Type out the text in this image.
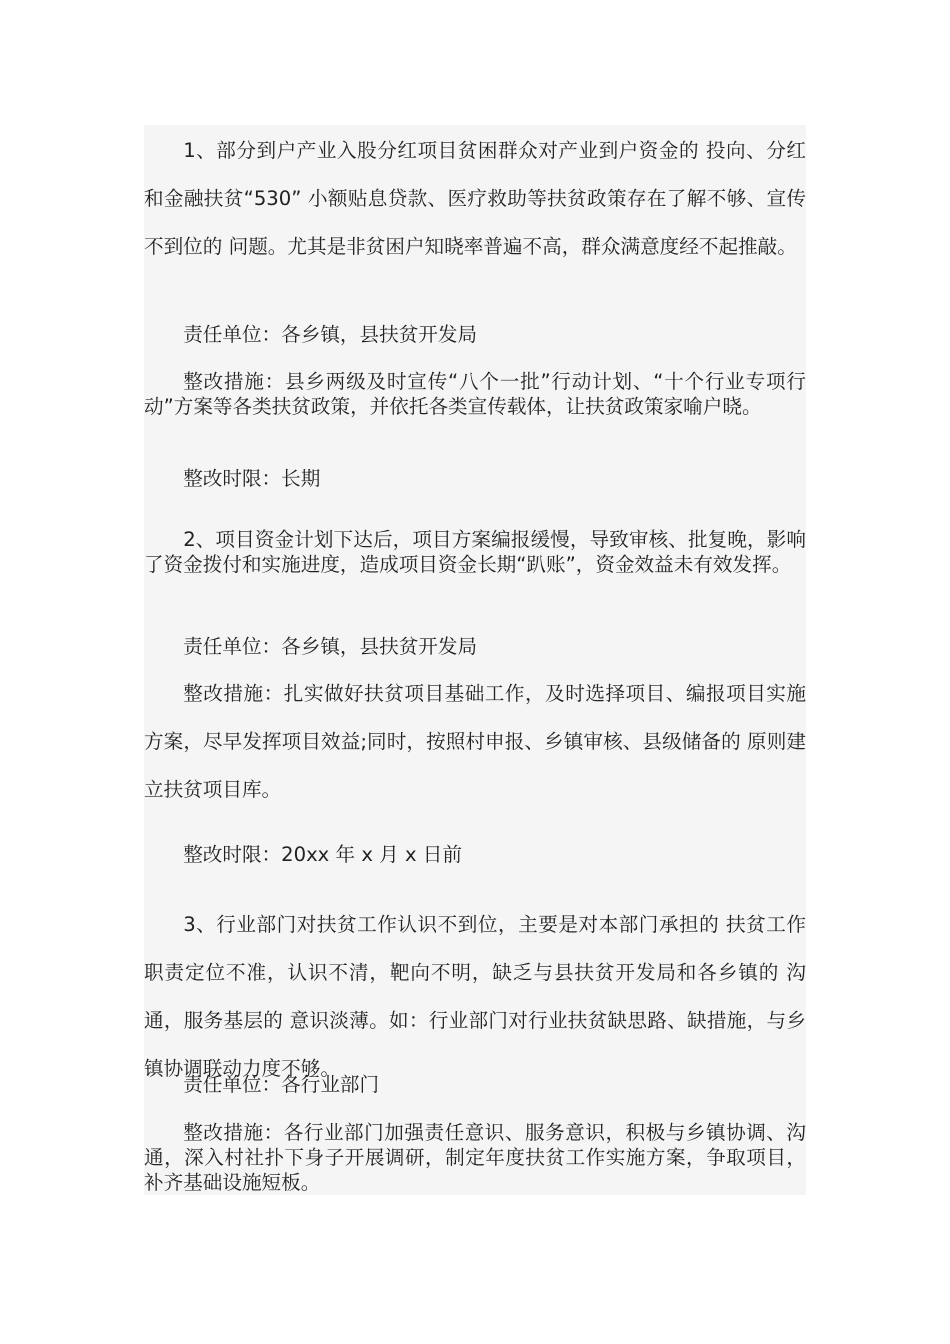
1、部分到户产业入股分红项目贫困群众对产业到户资金的 投向、分红和金融扶贫“530” 小额贴息贷款、医疗救助等扶贫政策存在了解不够、宣传不到位的 问题。尤其是非贫困户知晓率普遍不高，群众满意度经不起推敲。

责任单位：各乡镇，县扶贫开发局

整改措施：县乡两级及时宣传“八个一批”行动计划、“十个行业专项行动”方案等各类扶贫政策，并依托各类宣传载体，让扶贫政策家喻户晓。

整改时限：长期

2、项目资金计划下达后，项目方案编报缓慢，导致审核、批复晚，影响了资金拨付和实施进度，造成项目资金长期“趴账”，资金效益未有效发挥。

责任单位：各乡镇，县扶贫开发局

整改措施：扎实做好扶贫项目基础工作，及时选择项目、编报项目实施方案，尽早发挥项目效益;同时，按照村申报、乡镇审核、县级储备的 原则建立扶贫项目库。

整改时限：20xx 年 x 月 x 日前

3、行业部门对扶贫工作认识不到位，主要是对本部门承担的 扶贫工作职责定位不准，认识不清，靶向不明，缺乏与县扶贫开发局和各乡镇的 沟通，服务基层的 意识淡薄。如：行业部门对行业扶贫缺思路、缺措施，与乡镇协调联动力度不够。

责任单位：各行业部门

整改措施：各行业部门加强责任意识、服务意识，积极与乡镇协调、沟通，深入村社扑下身子开展调研，制定年度扶贫工作实施方案，争取项目，补齐基础设施短板。
